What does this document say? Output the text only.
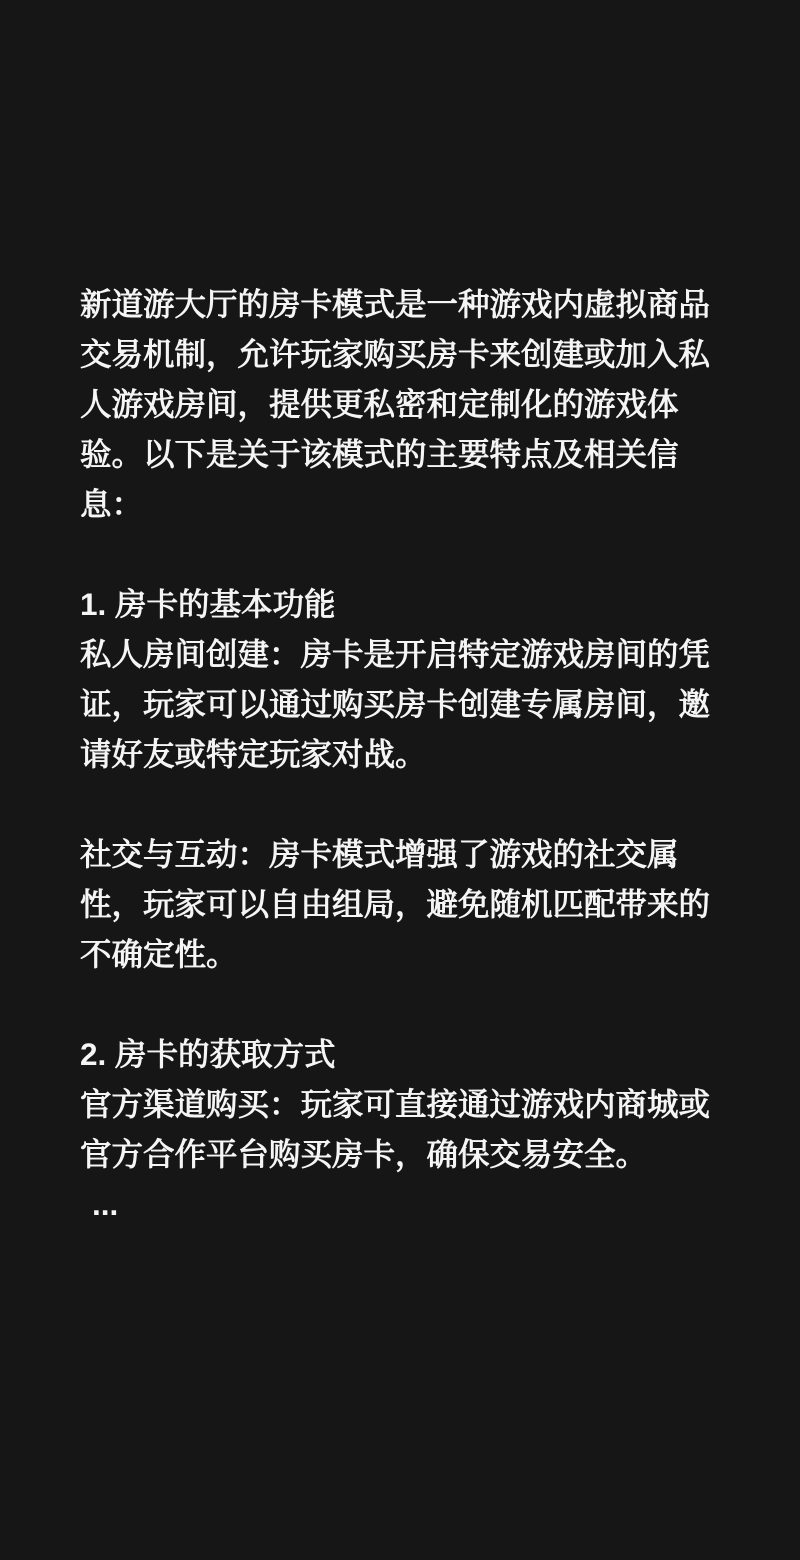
新道游大厅的房卡模式是一种游戏内虚拟商品交易机制，允许玩家购买房卡来创建或加入私人游戏房间，提供更私密和定制化的游戏体验。以下是关于该模式的主要特点及相关信息：

1. 房卡的基本功能

私人房间创建：房卡是开启特定游戏房间的凭证，玩家可以通过购买房卡创建专属房间，邀请好友或特定玩家对战。

社交与互动：房卡模式增强了游戏的社交属性，玩家可以自由组局，避免随机匹配带来的不确定性。

2. 房卡的获取方式

官方渠道购买：玩家可直接通过游戏内商城或官方合作平台购买房卡，确保交易安全。

...
